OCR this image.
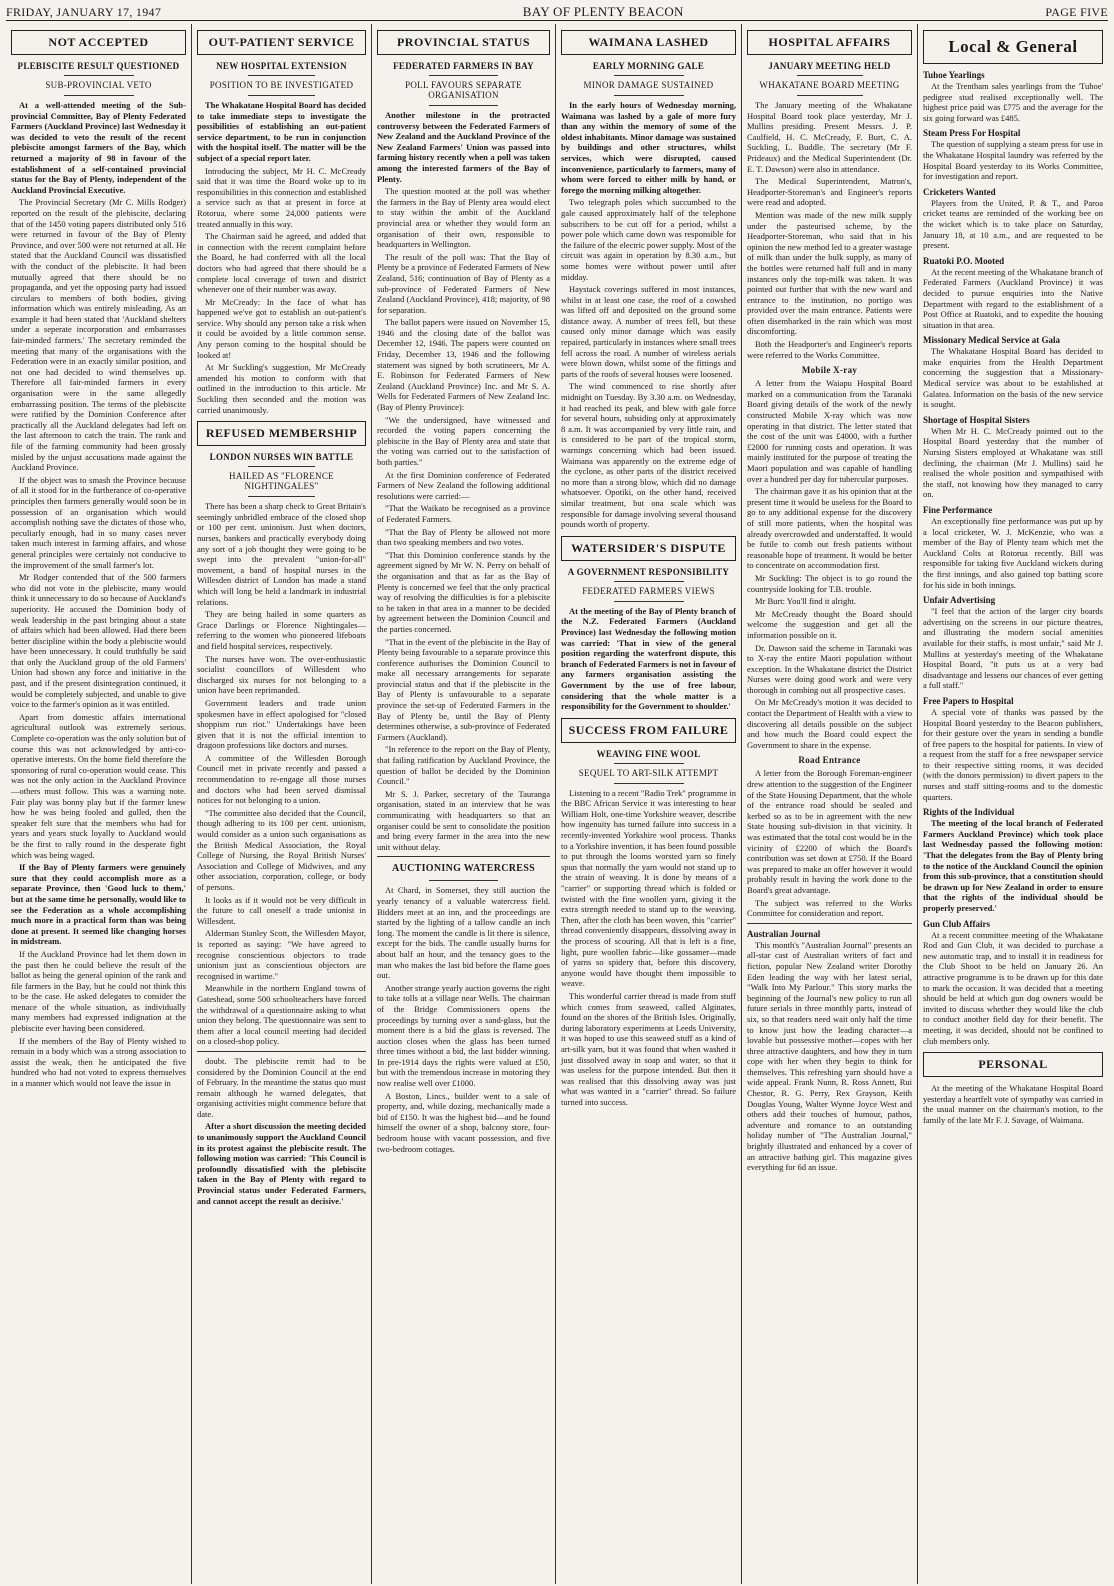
FRIDAY, JANUARY 17, 1947	BAY OF PLENTY BEACON	PAGE FIVE
NOT ACCEPTED
PLEBISCITE RESULT QUESTIONED
SUB-PROVINCIAL VETO

At a well-attended meeting of the Sub-provincial Committee, Bay of Plenty Federated Farmers (Auckland Province) last Wednesday it was decided to veto the result of the recent plebiscite amongst farmers of the Bay, which returned a majority of 98 in favour of the establishment of a self-contained provincial status for the Bay of Plenty, independent of the Auckland Provincial Executive.

The Provincial Secretary (Mr C. Mills Rodger) reported on the result of the plebiscite, declaring that of the 1450 voting papers distributed only 516 were returned in favour of the Bay of Plenty Province, and over 500 were not returned at all. He stated that the Auckland Council was dissatisfied with the conduct of the plebiscite. It had been mutually agreed that there should be no propaganda, and yet the opposing party had issued circulars to members of both bodies, giving information which was entirely misleading. As an example it had been stated that 'Auckland shelters under a seperate incorporation and embarrasses fair-minded farmers.' The secretary reminded the meeting that many of the organisations with the Federation were in an exactly similar position, and not one had decided to wind themselves up. Therefore all fair-minded farmers in every organisation were in the same allegedly embarrassing position. The terms of the plebiscite were ratified by the Dominion Conference after practically all the Auckland delegates had left on the last afternoon to catch the train. The rank and file of the farming community had been grossly misled by the unjust accusations made against the Auckland Province.

If the object was to smash the Province because of all it stood for in the furtherance of co-operative principles then farmers generally would soon be in possession of an organisation which would accomplish nothing save the dictates of those who, peculiarly enough, had in so many cases never taken much interest in farming affairs, and whose general principles were certainly not conducive to the improvement of the small farmer's lot.

Mr Rodger contended that of the 500 farmers who did not vote in the plebiscite, many would think it unnecessary to do so because of Auckland's superiority. He accused the Dominion body of weak leadership in the past bringing about a state of affairs which had been allowed. Had there been better discipline within the body a plebiscite would have been unnecessary. It could truthfully be said that only the Auckland group of the old Farmers' Union had shown any force and initiative in the past, and if the present disintegration continued, it would be completely subjected, and unable to give voice to the farmer's opinion as it was entitled.

Apart from domestic affairs international agricultural outlook was extremely serious. Complete co-operation was the only solution but of course this was not acknowledged by anti-co-operative interests. On the home field therefore the sponsoring of rural co-operation would cease. This was not the only action in the Auckland Province—others must follow. This was a warning note. Fair play was bonny play but if the farmer knew how he was being fooled and gulled, then the speaker felt sure that the members who had for years and years stuck loyally to Auckland would be the first to rally round in the desperate fight which was being waged.

If the Bay of Plenty farmers were genuinely sure that they could accomplish more as a separate Province, then 'Good luck to them,' but at the same time he personally, would like to see the Federation as a whole accomplishing much more in a practical form than was being done at present. It seemed like changing horses in midstream.

If the Auckland Province had let them down in the past then he could believe the result of the ballot as being the general opinion of the rank and file farmers in the Bay, but he could not think this to be the case. He asked delegates to consider the menace of the whole situation, as individually many members had expressed indignation at the plebiscite ever having been considered.

If the members of the Bay of Plenty wished to remain in a body which was a strong association to assist the weak, then he anticipated the five hundred who had not voted to express themselves in a manner which would not leave the issue in

OUT-PATIENT SERVICE
NEW HOSPITAL EXTENSION
POSITION TO BE INVESTIGATED

The Whakatane Hospital Board has decided to take immediate steps to investigate the possibilities of establishing an out-patient service department, to be run in conjunction with the hospital itself. The matter will be the subject of a special report later.

Introducing the subject, Mr H. C. McCready said that it was time the Board woke up to its responsibilities in this connection and established a service such as that at present in force at Rotorua, where some 24,000 patients were treated annually in this way.

The Chairman said he agreed, and added that in connection with the recent complaint before the Board, he had conferred with all the local doctors who had agreed that there should be a complete local coverage of town and district whenever one of their number was away.

Mr McCready: In the face of what has happened we've got to establish an out-patient's service. Why should any person take a risk when it could be avoided by a little common sense. Any person coming to the hospital should be looked at!

At Mr Suckling's suggestion, Mr McCready amended his motion to conform with that outlined in the introduction to this article. Mr Suckling then seconded and the motion was carried unanimously.

REFUSED MEMBERSHIP
LONDON NURSES WIN BATTLE
HAILED AS "FLORENCE NIGHTINGALES"

There has been a sharp check to Great Britain's seemingly unbridled embrace of the closed shop or 100 per cent. unionism. Just when doctors, nurses, bankers and practically everybody doing any sort of a job thought they were going to be swept into the prevalent "union-for-all" movement, a band of hospital nurses in the Willesden district of London has made a stand which will long be held a landmark in industrial relations.

They are being hailed in some quarters as Grace Darlings or Florence Nightingales—referring to the women who pioneered lifeboats and field hospital services, respectively.

The nurses have won. The over-enthusiastic socialist councillors of Willesdent who discharged six nurses for not belonging to a union have been reprimanded.

Government leaders and trade union spokesmen have in effect apologised for "closed shoppism run riot." Undertakings have been given that it is not the official intention to dragoon professions like doctors and nurses.

A committee of the Willesden Borough Council met in private recently and passed a recommendation to re-engage all those nurses and doctors who had been served dismissal notices for not belonging to a union.

"The committee also decided that the Council, though adhering to its 100 per cent. unionism, would consider as a union such organisations as the British Medical Association, the Royal College of Nursing, the Royal British Nurses' Association and College of Midwives, and any other association, corporation, college, or body of persons.

It looks as if it would not be very difficult in the future to call oneself a trade unionist in Willesdent.

Alderman Stanley Scott, the Willesden Mayor, is reported as saying: "We have agreed to recognise conscientious objectors to trade unionism just as conscientious objectors are recognised in wartime."

Meanwhile in the northern England towns of Gateshead, some 500 schoolteachers have forced the withdrawal of a questionnaire asking to what union they belong. The questionnaire was sent to them after a local council meeting had decided on a closed-shop policy.

doubt. The plebiscite remit had to be considered by the Dominion Council at the end of February. In the meantime the status quo must remain although he warned delegates, that organising activities might commence before that date.

After a short discussion the meeting decided to unanimously support the Auckland Council in its protest against the plebiscite result. The following motion was carried: 'This Council is profoundly dissatisfied with the plebiscite taken in the Bay of Plenty with regard to Provincial status under Federated Farmers, and cannot accept the result as decisive.'

PROVINCIAL STATUS
FEDERATED FARMERS IN BAY
POLL FAVOURS SEPARATE ORGANISATION

Another milestone in the protracted controversy between the Federated Farmers of New Zealand and the Auckland Province of the New Zealand Farmers' Union was passed into farming history recently when a poll was taken among the interested farmers of the Bay of Plenty.

The question mooted at the poll was whether the farmers in the Bay of Plenty area would elect to stay within the ambit of the Auckland provincial area or whether they would form an organisation of their own, responsible to headquarters in Wellington.

The result of the poll was: That the Bay of Plenty be a province of Federated Farmers of New Zealand, 516; continuation of Bay of Plenty as a sub-province of Federated Farmers of New Zealand (Auckland Province), 418; majority, of 98 for separation.

The ballot papers were issued on November 15, 1946 and the closing date of the ballot was December 12, 1946. The papers were counted on Friday, December 13, 1946 and the following statement was signed by both scrutineers, Mr A. E. Robinson for Federated Farmers of New Zealand (Auckland Province) Inc. and Mr S. A. Wells for Federated Farmers of New Zealand Inc. (Bay of Plenty Province):

"We the undersigned, have witnessed and recorded the voting papers concerning the plebiscite in the Bay of Plenty area and state that the voting was carried out to the satisfaction of both parties."

At the first Dominion conference of Federated Farmers of New Zealand the following additional resolutions were carried:—

"That the Waikato be recognised as a province of Federated Farmers.

"That the Bay of Plenty be allowed not more than two speaking members and two votes.

"That this Dominion conference stands by the agreement signed by Mr W. N. Perry on behalf of the organisation and that as far as the Bay of Plenty is concerned we feel that the only practical way of resolving the difficulties is for a plebiscite to be taken in that area in a manner to be decided by agreement between the Dominion Council and the parties concerned.

"That in the event of the plebiscite in the Bay of Plenty being favourable to a separate province this conference authorises the Dominion Council to make all necessary arrangements for separate provincial status and that if the plebiscite in the Bay of Plenty is unfavourable to a separate province the set-up of Federated Farmers in the Bay of Plenty be, until the Bay of Plenty determines otherwise, a sub-province of Federated Farmers (Auckland).

"In reference to the report on the Bay of Plenty, that failing ratification by Auckland Province, the question of ballot be decided by the Dominion Council."

Mr S. J. Parker, secretary of the Tauranga organisation, stated in an interview that he was communicating with headquarters so that an organiser could be sent to consolidate the position and bring every farmer in the area into the new unit without delay.

AUCTIONING WATERCRESS

At Chard, in Somerset, they still auction the yearly tenancy of a valuable watercress field. Bidders meet at an inn, and the proceedings are started by the lighting of a tallow candle an inch long. The moment the candle is lit there is silence, except for the bids. The candle usually burns for about half an hour, and the tenancy goes to the man who makes the last bid before the flame goes out.

Another strange yearly auction governs the right to take tolls at a village near Wells. The chairman of the Bridge Commissioners opens the proceedings by turning over a sand-glass, but the moment there is a bid the glass is reversed. The auction closes when the glass has been turned three times without a bid, the last bidder winning. In pre-1914 days the rights were valued at £50, but with the tremendous increase in motoring they now realise well over £1000.

A Boston, Lincs., builder went to a sale of property, and, while dozing, mechanically made a bid of £150. It was the highest bid—and he found himself the owner of a shop, balcony store, four-bedroom house with vacant possession, and five two-bedroom cottages.

WAIMANA LASHED
EARLY MORNING GALE
MINOR DAMAGE SUSTAINED

In the early hours of Wednesday morning, Waimana was lashed by a gale of more fury than any within the memory of some of the oldest inhabitants. Minor damage was sustained by buildings and other structures, whilst services, which were disrupted, caused inconvenience, particularly to farmers, many of whom were forced to either milk by hand, or forego the morning milking altogether.

Two telegraph poles which succumbed to the gale caused approximately half of the telephone subscribers to be cut off for a period, whilst a power pole which came down was responsible for the failure of the electric power supply. Most of the circuit was again in operation by 8.30 a.m., but some homes were without power until after midday.

Haystack coverings suffered in most instances, whilst in at least one case, the roof of a cowshed was lifted off and deposited on the ground some distance away. A number of trees fell, but these caused only minor damage which was easily repaired, particularly in instances where small trees fell across the road. A number of wireless aerials were blown down, whilst some of the fittings and parts of the roofs of several houses were loosened.

The wind commenced to rise shortly after midnight on Tuesday. By 3.30 a.m. on Wednesday, it had reached its peak, and blew with gale force for several hours, subsiding only at approximately 8 a.m. It was accompanied by very little rain, and is considered to be part of the tropical storm, warnings concerning which had been issued. Waimana was apparently on the extreme edge of the cyclone, as other parts of the district received no more than a strong blow, which did no damage whatsoever. Opotiki, on the other hand, received similar treatment, but ona scale which was responsible for damage involving several thousand pounds worth of property.

WATERSIDER'S DISPUTE
A GOVERNMENT RESPONSIBILITY
FEDERATED FARMERS VIEWS

At the meeting of the Bay of Plenty branch of the N.Z. Federated Farmers (Auckland Province) last Wednesday the following motion was carried: 'That in view of the general position regarding the waterfront dispute, this branch of Federated Farmers is not in favour of any farmers organisation assisting the Government by the use of free labour, considering that the whole matter is a responsibility for the Government to shoulder.'

SUCCESS FROM FAILURE
WEAVING FINE WOOL
SEQUEL TO ART-SILK ATTEMPT

Listening to a recent "Radio Trek" programme in the BBC African Service it was interesting to hear William Holt, one-time Yorkshire weaver, describe how ingenuity has turned failure into success in a recently-invented Yorkshire wool process. Thanks to a Yorkshire invention, it has been found possible to put through the looms worsted yarn so finely spun that normally the yarn would not stand up to the strain of weaving. It is done by means of a "carrier" or supporting thread which is folded or twisted with the fine woollen yarn, giving it the extra strength needed to stand up to the weaving. Then, after the cloth has been woven, this "carrier" thread conveniently disappears, dissolving away in the process of scouring. All that is left is a fine, light, pure woollen fabric—like gossamer—made of yarns so spidery that, before this discovery, anyone would have thought them impossible to weave.

This wonderful carrier thread is made from stuff which comes from seaweed, called Alginates, found on the shores of the British Isles. Originally, during laboratory experiments at Leeds University, it was hoped to use this seaweed stuff as a kind of art-silk yarn, but it was found that when washed it just dissolved away in soap and water, so that it was useless for the purpose intended. But then it was realised that this dissolving away was just what was wanted in a "carrier" thread. So failure turned into success.

HOSPITAL AFFAIRS
JANUARY MEETING HELD
WHAKATANE BOARD MEETING

The January meeting of the Whakatane Hospital Board took place yesterday, Mr J. Mullins presiding. Present Messrs. J. P. Caulfield, H. C. McCready, F. Burt, C. A. Suckling, L. Buddle. The secretary (Mr F. Prideaux) and the Medical Superintendent (Dr. E. T. Dawson) were also in attendance.

The Medical Superintendent, Matron's, Headporter-Storeman's and Engineer's reports were read and adopted.

Mention was made of the new milk supply under the pasteurised scheme, by the Headporter-Storeman, who said that in his opinion the new method led to a greater wastage of milk than under the bulk supply, as many of the bottles were returned half full and in many instances only the top-milk was taken. It was pointed out further that with the new ward and entrance to the institution, no portigo was provided over the main entrance. Patients were often disembarked in the rain which was most discomforting.

Both the Headporter's and Engineer's reports were referred to the Works Committee.

Mobile X-ray

A letter from the Waiapu Hospital Board marked on a communication from the Taranaki Board giving details of the work of the newly constructed Mobile X-ray which was now operating in that district. The letter stated that the cost of the unit was £4000, with a further £2000 for running costs and operation. It was mainly instituted for the purpose of treating the Maori population and was capable of handling over a hundred per day for tubercular purposes.

The chairman gave it as his opinion that at the present time it would be useless for the Board to go to any additional expense for the discovery of still more patients, when the hospital was already overcrowded and understaffed. It would be futile to comb out fresh patients without reasonable hope of treatment. It would be better to concentrate on accommodation first.

Mr Suckling: The object is to go round the countryside looking for T.B. trouble.

Mr Burt: You'll find it alright.

Mr McCready thought the Board should welcome the suggestion and get all the information possible on it.

Dr. Dawson said the scheme in Taranaki was to X-ray the entire Maori population without exception. In the Whakatane district the District Nurses were doing good work and were very thorough in combing out all prospective cases.

On Mr McCready's motion it was decided to contact the Department of Health with a view to discovering all details possible on the subject and how much the Board could expect the Government to share in the expense.

Road Entrance

A letter from the Borough Foreman-engineer drew attention to the suggestion of the Engineer of the State Housing Department, that the whole of the entrance road should be sealed and kerbed so as to be in agreement with the new State housing sub-division in that vicinity. It was estimated that the total cost would be in the vicinity of £2200 of which the Board's contribution was set down at £750. If the Board was prepared to make an offer however it would probably result in having the work done to the Board's great advantage.

The subject was referred to the Works Committee for consideration and report.

Australian Journal

This month's "Australian Journal" presents an all-star cast of Australian writers of fact and fiction, popular New Zealand writer Dorothy Eden leading the way with her latest serial, "Walk Into My Parlour." This story marks the beginning of the Journal's new policy to run all future serials in three monthly parts, instead of six, so that readers need wait only half the time to know just how the leading character—a lovable but possessive mother—copes with her three attractive daughters, and how they in turn cope with her when they begin to think for themselves. This refreshing yarn should have a wide appeal. Frank Nunn, R. Ross Annett, Rui Chestor, R. G. Perry, Rex Grayson, Keith Douglas Young, Walter Wynne Joyce West and others add their touches of humour, pathos, adventure and romance to an outstanding holiday number of "The Australian Journal," brightly illustrated and enhanced by a cover of an attractive bathing girl. This magazine gives everything for 6d an issue.

Local & General
Tuhoe Yearlings

At the Trentham sales yearlings from the 'Tuhoe' pedigree stud realised exceptionally well. The highest price paid was £775 and the average for the six going forward was £485.

Steam Press For Hospital

The question of supplying a steam press for use in the Whakatane Hospital laundry was referred by the Hospital Board yesterday to its Works Committee, for investigation and report.

Cricketers Wanted

Players from the United, P. & T., and Paroa cricket teams are reminded of the working bee on the wicket which is to take place on Saturday, January 18, at 10 a.m., and are requested to be present.

Ruatoki P.O. Mooted

At the recent meeting of the Whakatane branch of Federated Farmers (Auckland Province) it was decided to pursue enquiries into the Native Department with regard to the establishment of a Post Office at Ruatoki, and to expedite the housing situation in that area.

Missionary Medical Service at Gala

The Whakatane Hospital Board has decided to make enquiries from the Health Department concerning the suggestion that a Missionary-Medical service was about to be established at Galatea. Information on the basis of the new service is sought.

Shortage of Hospital Sisters

When Mr H. C. McCready pointed out to the Hospital Board yesterday that the number of Nursing Sisters employed at Whakatane was still declining, the chairman (Mr J. Mullins) said he realised the whole position and sympathised with the staff, not knowing how they managed to carry on.

Fine Performance

An exceptionally fine performance was put up by a local cricketer, W. J. McKenzie, who was a member of the Bay of Plenty team which met the Auckland Colts at Rotorua recently. Bill was responsible for taking five Auckland wickets during the first innings, and also gained top batting score for his side in both innings.

Unfair Advertising

"I feel that the action of the larger city boards advertising on the screens in our picture theatres, and illustrating the modern social amenities available for their staffs, is most unfair," said Mr J. Mullins at yesterday's meeting of the Whakatane Hospital Board, "it puts us at a very bad disadvantage and lessens our chances of ever getting a full staff."

Free Papers to Hospital

A special vote of thanks was passed by the Hospital Board yesterday to the Beacon publishers, for their gesture over the years in sending a bundle of free papers to the hospital for patients. In view of a request from the staff for a free newspaper service to their respective sitting rooms, it was decided (with the donors permission) to divert papers to the nurses and staff sitting-rooms and to the domestic quarters.

Rights of the Individual

The meeting of the local branch of Federated Farmers Auckland Province) which took place last Wednesday passed the following motion: 'That the delegates from the Bay of Plenty bring to the notice of the Auckland Council the opinion from this sub-province, that a constitution should be drawn up for New Zealand in order to ensure that the rights of the individual should be properly preserved.'

Gun Club Affairs

At a recent committee meeting of the Whakatane Rod and Gun Club, it was decided to purchase a new automatic trap, and to install it in readiness for the Club Shoot to be held on January 26. An attractive programme is to be drawn up for this date to mark the occasion. It was decided that a meeting should be held at which gun dog owners would be invited to discuss whether they would like the club to conduct another field day for their benefit. The meeting, it was decided, should not be confined to club members only.

PERSONAL

At the meeting of the Whakatane Hospital Board yesterday a heartfelt vote of sympathy was carried in the usual manner on the chairman's motion, to the family of the late Mr F. J. Savage, of Waimana.
